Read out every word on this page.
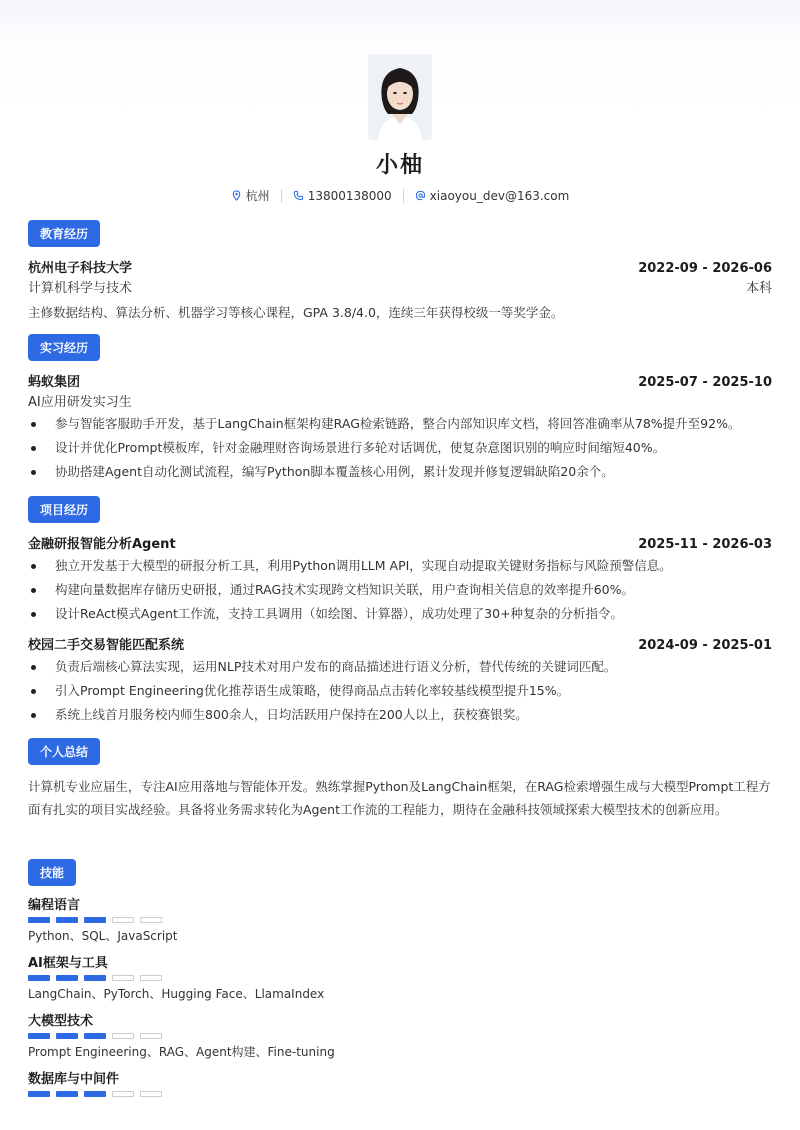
小柚
杭州	13800138000	xiaoyou_dev@163.com
教育经历
杭州电子科技大学	2022-09 - 2026-06
计算机科学与技术	本科
主修数据结构、算法分析、机器学习等核心课程，GPA 3.8/4.0，连续三年获得校级一等奖学金。
实习经历
蚂蚁集团	2025-07 - 2025-10
AI应用研发实习生
参与智能客服助手开发，基于LangChain框架构建RAG检索链路，整合内部知识库文档，将回答准确率从78%提升至92%。
设计并优化Prompt模板库，针对金融理财咨询场景进行多轮对话调优，使复杂意图识别的响应时间缩短40%。
协助搭建Agent自动化测试流程，编写Python脚本覆盖核心用例，累计发现并修复逻辑缺陷20余个。
项目经历
金融研报智能分析Agent	2025-11 - 2026-03
独立开发基于大模型的研报分析工具，利用Python调用LLM API，实现自动提取关键财务指标与风险预警信息。
构建向量数据库存储历史研报，通过RAG技术实现跨文档知识关联，用户查询相关信息的效率提升60%。
设计ReAct模式Agent工作流，支持工具调用（如绘图、计算器），成功处理了30+种复杂的分析指令。
校园二手交易智能匹配系统	2024-09 - 2025-01
负责后端核心算法实现，运用NLP技术对用户发布的商品描述进行语义分析，替代传统的关键词匹配。
引入Prompt Engineering优化推荐语生成策略，使得商品点击转化率较基线模型提升15%。
系统上线首月服务校内师生800余人，日均活跃用户保持在200人以上，获校赛银奖。
个人总结
计算机专业应届生，专注AI应用落地与智能体开发。熟练掌握Python及LangChain框架，在RAG检索增强生成与大模型Prompt工程方面有扎实的项目实战经验。具备将业务需求转化为Agent工作流的工程能力，期待在金融科技领域探索大模型技术的创新应用。
技能
编程语言
Python、SQL、JavaScript
AI框架与工具
LangChain、PyTorch、Hugging Face、LlamaIndex
大模型技术
Prompt Engineering、RAG、Agent构建、Fine-tuning
数据库与中间件
